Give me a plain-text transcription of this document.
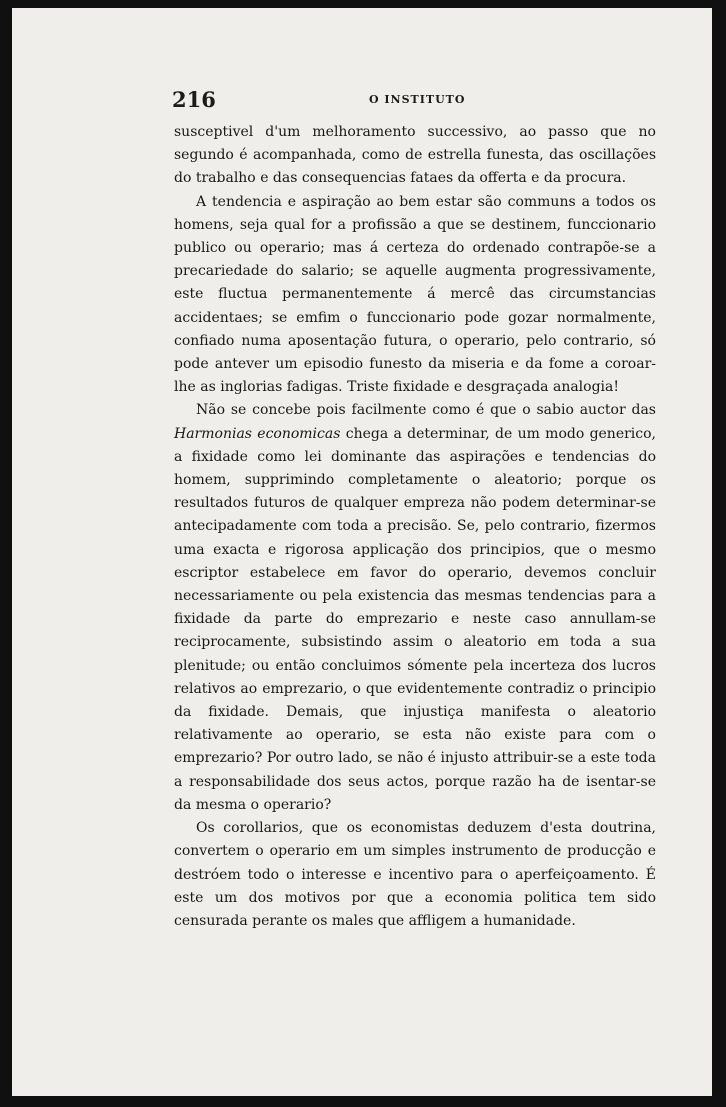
216	O INSTITUTO

susceptivel d'um melhoramento successivo, ao passo que no segundo é acompanhada, como de estrella funesta, das oscillações do trabalho e das consequencias fataes da offerta e da procura.

A tendencia e aspiração ao bem estar são communs a todos os homens, seja qual for a profissão a que se destinem, funccionario publico ou operario; mas á certeza do ordenado contrapõe-se a precariedade do salario; se aquelle augmenta progressivamente, este fluctua permanentemente á mercê das circumstancias accidentaes; se emfim o funccionario pode gozar normalmente, confiado numa aposentação futura, o operario, pelo contrario, só pode antever um episodio funesto da miseria e da fome a coroar-lhe as inglorias fadigas. Triste fixidade e desgraçada analogia!

Não se concebe pois facilmente como é que o sabio auctor das Harmonias economicas chega a determinar, de um modo generico, a fixidade como lei dominante das aspirações e tendencias do homem, supprimindo completamente o aleatorio; porque os resultados futuros de qualquer empreza não podem determinar-se antecipadamente com toda a precisão. Se, pelo contrario, fizermos uma exacta e rigorosa applicação dos principios, que o mesmo escriptor estabelece em favor do operario, devemos concluir necessariamente ou pela existencia das mesmas tendencias para a fixidade da parte do emprezario e neste caso annullam-se reciprocamente, subsistindo assim o aleatorio em toda a sua plenitude; ou então concluimos sómente pela incerteza dos lucros relativos ao emprezario, o que evidentemente contradiz o principio da fixidade. Demais, que injustiça manifesta o aleatorio relativamente ao operario, se esta não existe para com o emprezario? Por outro lado, se não é injusto attribuir-se a este toda a responsabilidade dos seus actos, porque razão ha de isentar-se da mesma o operario?

Os corollarios, que os economistas deduzem d'esta doutrina, convertem o operario em um simples instrumento de producção e destróem todo o interesse e incentivo para o aperfeiçoamento. É este um dos motivos por que a economia politica tem sido censurada perante os males que affligem a humanidade.
